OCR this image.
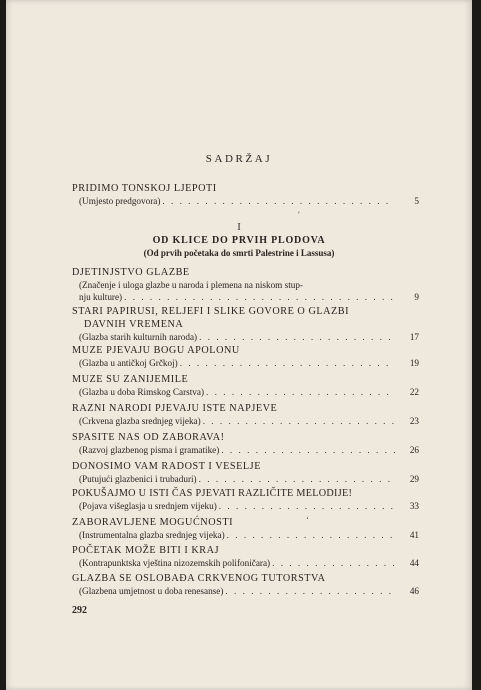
SADRŽAJ
PRIDIMO TONSKOJ LJEPOTI
(Umjesto predgovora) . . .	5
I
OD KLICE DO PRVIH PLODOVA
(Od prvih početaka do smrti Palestrine i Lassusa)
DJETINJSTVO GLAZBE
(Značenje i uloga glazbe u naroda i plemena na niskom stup-
nju kulture) . . .	9
STARI PAPIRUSI, RELJEFI I SLIKE GOVORE O GLAZBI
DAVNIH VREMENA
(Glazba starih kulturnih naroda) . . .	17
MUZE PJEVAJU BOGU APOLONU
(Glazba u antičkoj Grčkoj) . . .	19
MUZE SU ZANIJEMILE
(Glazba u doba Rimskog Carstva) . . .	22
RAZNI NARODI PJEVAJU ISTE NAPJEVE
(Crkvena glazba srednjeg vijeka) . . .	23
SPASITE NAS OD ZABORAVA!
(Razvoj glazbenog pisma i gramatike) . . .	26
DONOSIMO VAM RADOST I VESELJE
(Putujući glazbenici i trubaduri) . . .	29
POKUŠAJMO U ISTI ČAS PJEVATI RAZLIČITE MELODIJE!
(Pojava višeglasja u srednjem vijeku) . . .	33
ZABORAVLJENE MOGUĆNOSTI
(Instrumentalna glazba srednjeg vijeka) . . .	41
POČETAK MOŽE BITI I KRAJ
(Kontrapunktska vještina nizozemskih polifoničara) . . .	44
GLAZBA SE OSLOBAĐA CRKVENOG TUTORSTVA
(Glazbena umjetnost u doba renesanse) . . .	46
292
′
‘
